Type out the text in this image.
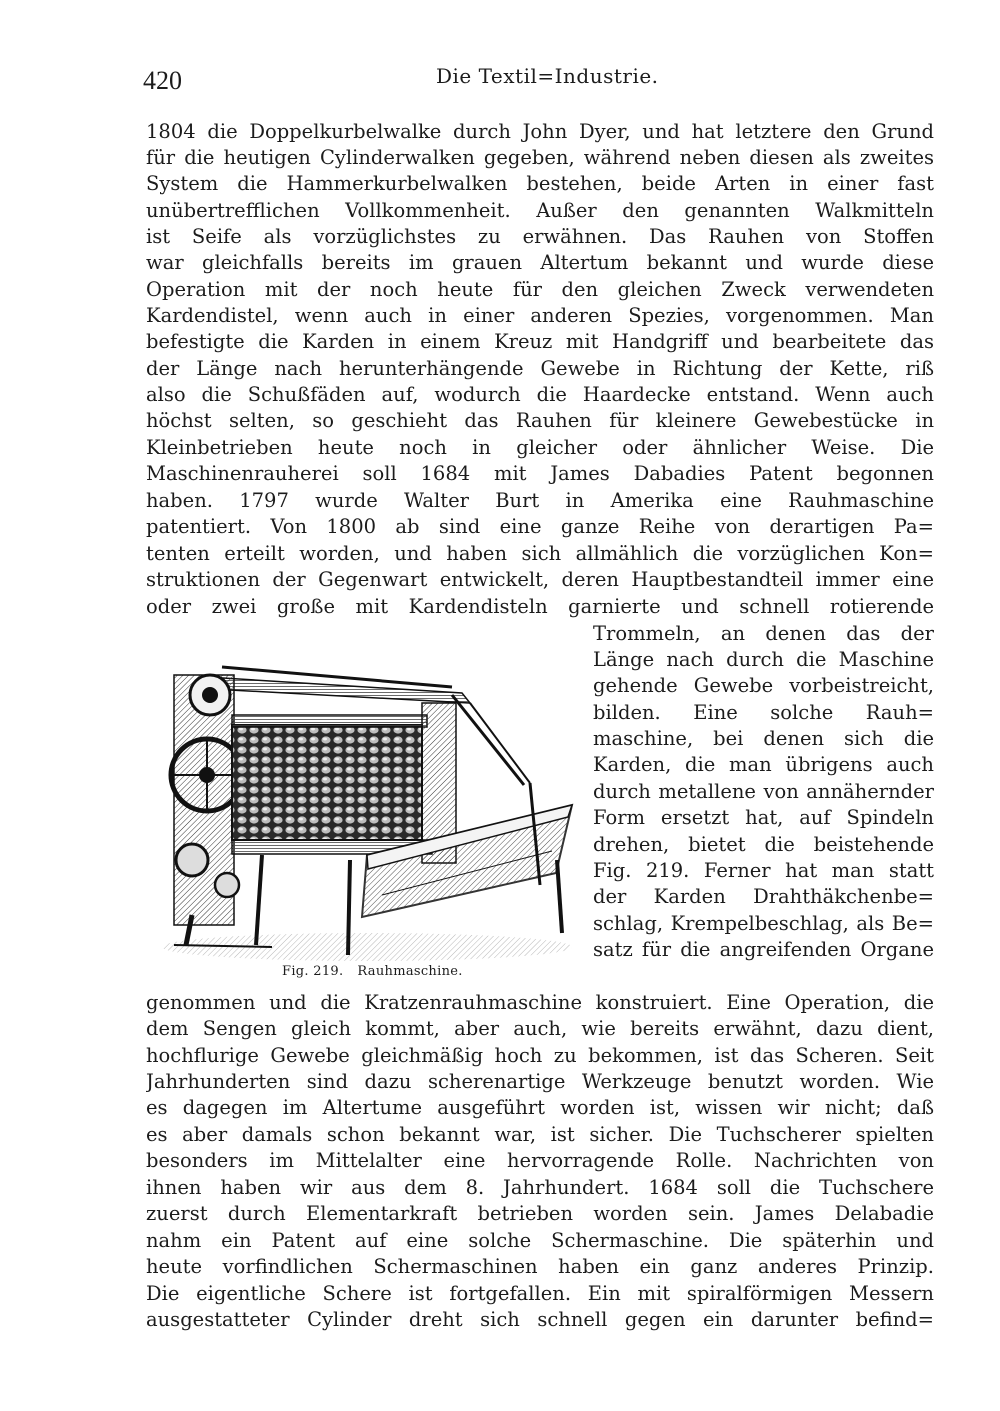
420	Die Textil=Industrie.
1804 die Doppelkurbelwalke durch John Dyer, und hat letztere den Grund
für die heutigen Cylinderwalken gegeben, während neben diesen als zweites
System die Hammerkurbelwalken bestehen, beide Arten in einer fast
unübertrefflichen Vollkommenheit. Außer den genannten Walkmitteln
ist Seife als vorzüglichstes zu erwähnen. Das Rauhen von Stoffen
war gleichfalls bereits im grauen Altertum bekannt und wurde diese
Operation mit der noch heute für den gleichen Zweck verwendeten
Kardendistel, wenn auch in einer anderen Spezies, vorgenommen. Man
befestigte die Karden in einem Kreuz mit Handgriff und bearbeitete das
der Länge nach herunterhängende Gewebe in Richtung der Kette, riß
also die Schußfäden auf, wodurch die Haardecke entstand. Wenn auch
höchst selten, so geschieht das Rauhen für kleinere Gewebestücke in
Kleinbetrieben heute noch in gleicher oder ähnlicher Weise. Die
Maschinenrauherei soll 1684 mit James Dabadies Patent begonnen
haben. 1797 wurde Walter Burt in Amerika eine Rauhmaschine
patentiert. Von 1800 ab sind eine ganze Reihe von derartigen Pa=
tenten erteilt worden, und haben sich allmählich die vorzüglichen Kon=
struktionen der Gegenwart entwickelt, deren Hauptbestandteil immer eine
oder zwei große mit Kardendisteln garnierte und schnell rotierende
Trommeln, an denen das der
Länge nach durch die Maschine
gehende Gewebe vorbeistreicht,
bilden. Eine solche Rauh=
maschine, bei denen sich die
Karden, die man übrigens auch
durch metallene von annähernder
Form ersetzt hat, auf Spindeln
drehen, bietet die beistehende
Fig. 219. Ferner hat man statt
der Karden Drahthäkchenbe=
schlag, Krempelbeschlag, als Be=
satz für die angreifenden Organe
Fig. 219. Rauhmaschine.
genommen und die Kratzenrauhmaschine konstruiert. Eine Operation, die
dem Sengen gleich kommt, aber auch, wie bereits erwähnt, dazu dient,
hochflurige Gewebe gleichmäßig hoch zu bekommen, ist das Scheren. Seit
Jahrhunderten sind dazu scherenartige Werkzeuge benutzt worden. Wie
es dagegen im Altertume ausgeführt worden ist, wissen wir nicht; daß
es aber damals schon bekannt war, ist sicher. Die Tuchscherer spielten
besonders im Mittelalter eine hervorragende Rolle. Nachrichten von
ihnen haben wir aus dem 8. Jahrhundert. 1684 soll die Tuchschere
zuerst durch Elementarkraft betrieben worden sein. James Delabadie
nahm ein Patent auf eine solche Schermaschine. Die späterhin und
heute vorfindlichen Schermaschinen haben ein ganz anderes Prinzip.
Die eigentliche Schere ist fortgefallen. Ein mit spiralförmigen Messern
ausgestatteter Cylinder dreht sich schnell gegen ein darunter befind=
